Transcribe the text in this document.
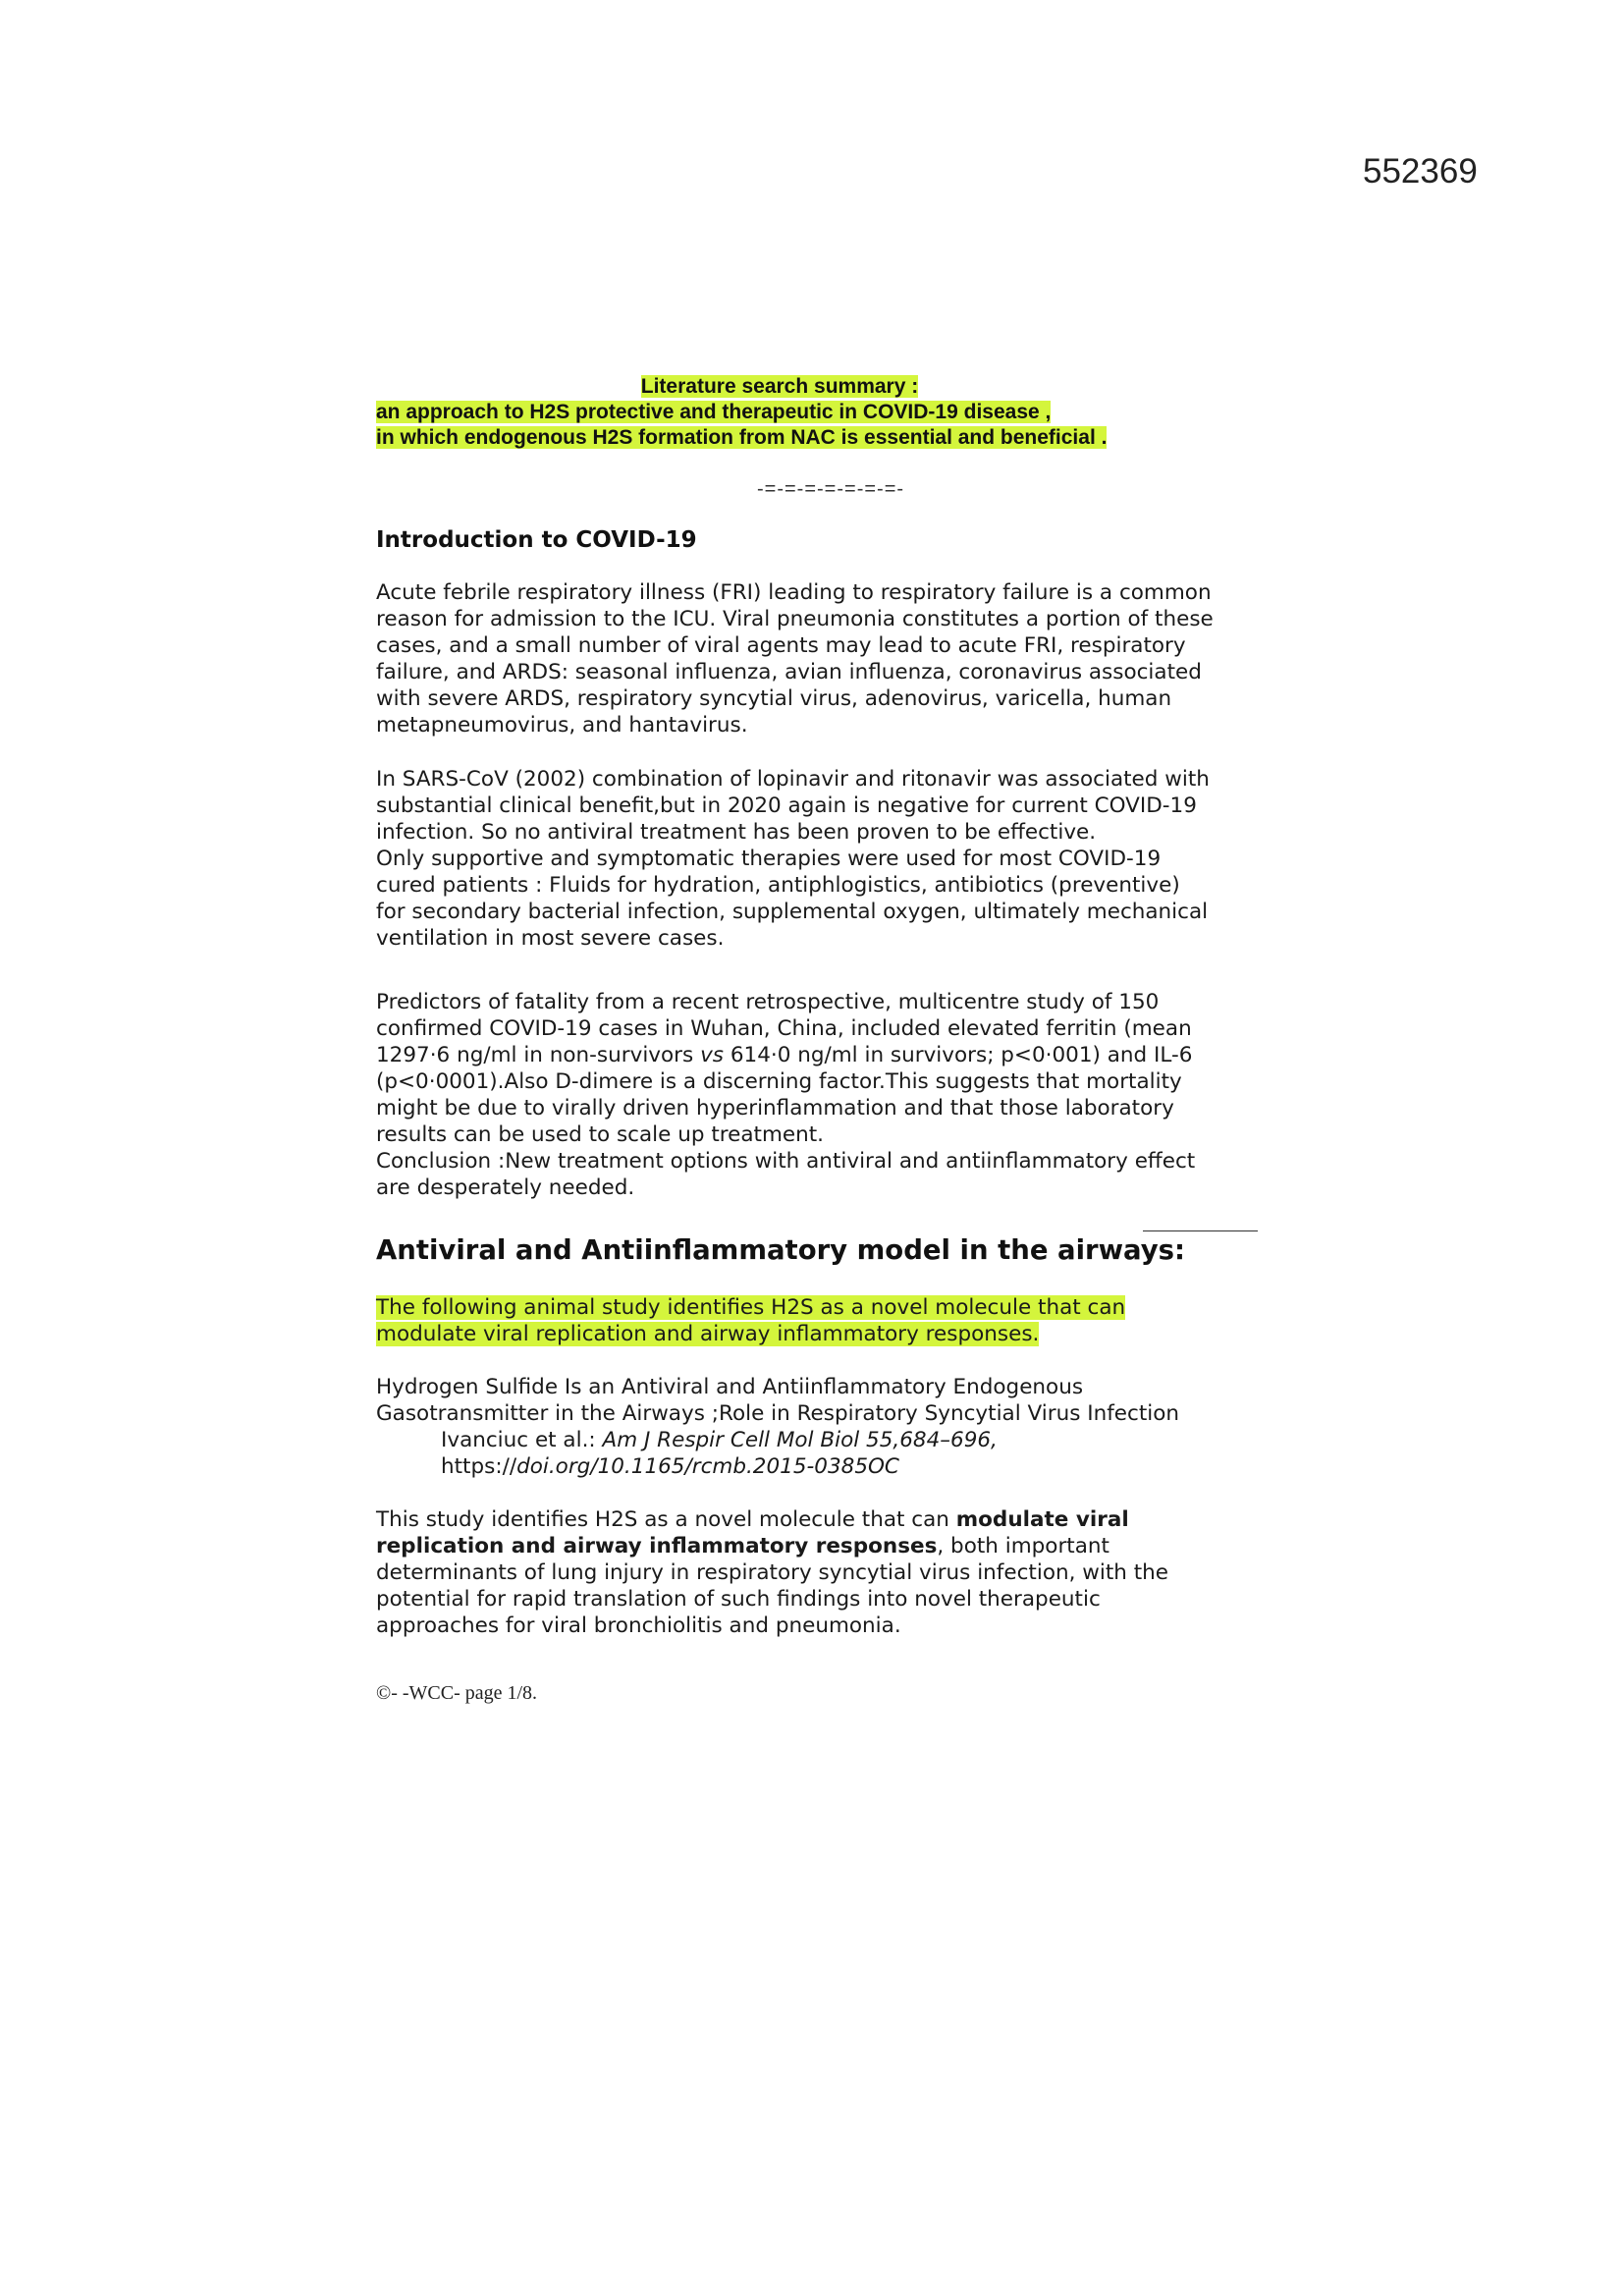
552369
Literature search summary :
an approach to H2S protective and therapeutic in COVID-19 disease ,
in which endogenous H2S formation from NAC is essential and beneficial .
-=-=-=-=-=-=-=-
Introduction to COVID-19

Acute febrile respiratory illness (FRI) leading to respiratory failure is a common

reason for admission to the ICU. Viral pneumonia constitutes a portion of these

cases, and a small number of viral agents may lead to acute FRI, respiratory

failure, and ARDS: seasonal influenza, avian influenza, coronavirus associated

with severe ARDS, respiratory syncytial virus, adenovirus, varicella, human

metapneumovirus, and hantavirus.

In SARS-CoV (2002) combination of lopinavir and ritonavir was associated with

substantial clinical benefit,but in 2020 again is negative for current COVID-19

infection. So no antiviral treatment has been proven to be effective.

Only supportive and symptomatic therapies were used for most COVID-19

cured patients : Fluids for hydration, antiphlogistics, antibiotics (preventive)

for secondary bacterial infection, supplemental oxygen, ultimately mechanical

ventilation in most severe cases.

Predictors of fatality from a recent retrospective, multicentre study of 150

confirmed COVID-19 cases in Wuhan, China, included elevated ferritin (mean

1297·6 ng/ml in non-survivors vs 614·0 ng/ml in survivors; p<0·001) and IL-6

(p<0·0001).Also D-dimere is a discerning factor.This suggests that mortality

might be due to virally driven hyperinflammation and that those laboratory

results can be used to scale up treatment.

Conclusion :New treatment options with antiviral and antiinflammatory effect

are desperately needed.

Antiviral and Antiinflammatory model in the airways:

The following animal study identifies H2S as a novel molecule that can

modulate viral replication and airway inflammatory responses.

Hydrogen Sulfide Is an Antiviral and Antiinflammatory Endogenous

Gasotransmitter in the Airways ;Role in Respiratory Syncytial Virus Infection

Ivanciuc et al.: Am J Respir Cell Mol Biol 55,684–696,

https://doi.org/10.1165/rcmb.2015-0385OC

This study identifies H2S as a novel molecule that can modulate viral

replication and airway inflammatory responses, both important

determinants of lung injury in respiratory syncytial virus infection, with the

potential for rapid translation of such findings into novel therapeutic

approaches for viral bronchiolitis and pneumonia.

©- -WCC- page 1/8.
